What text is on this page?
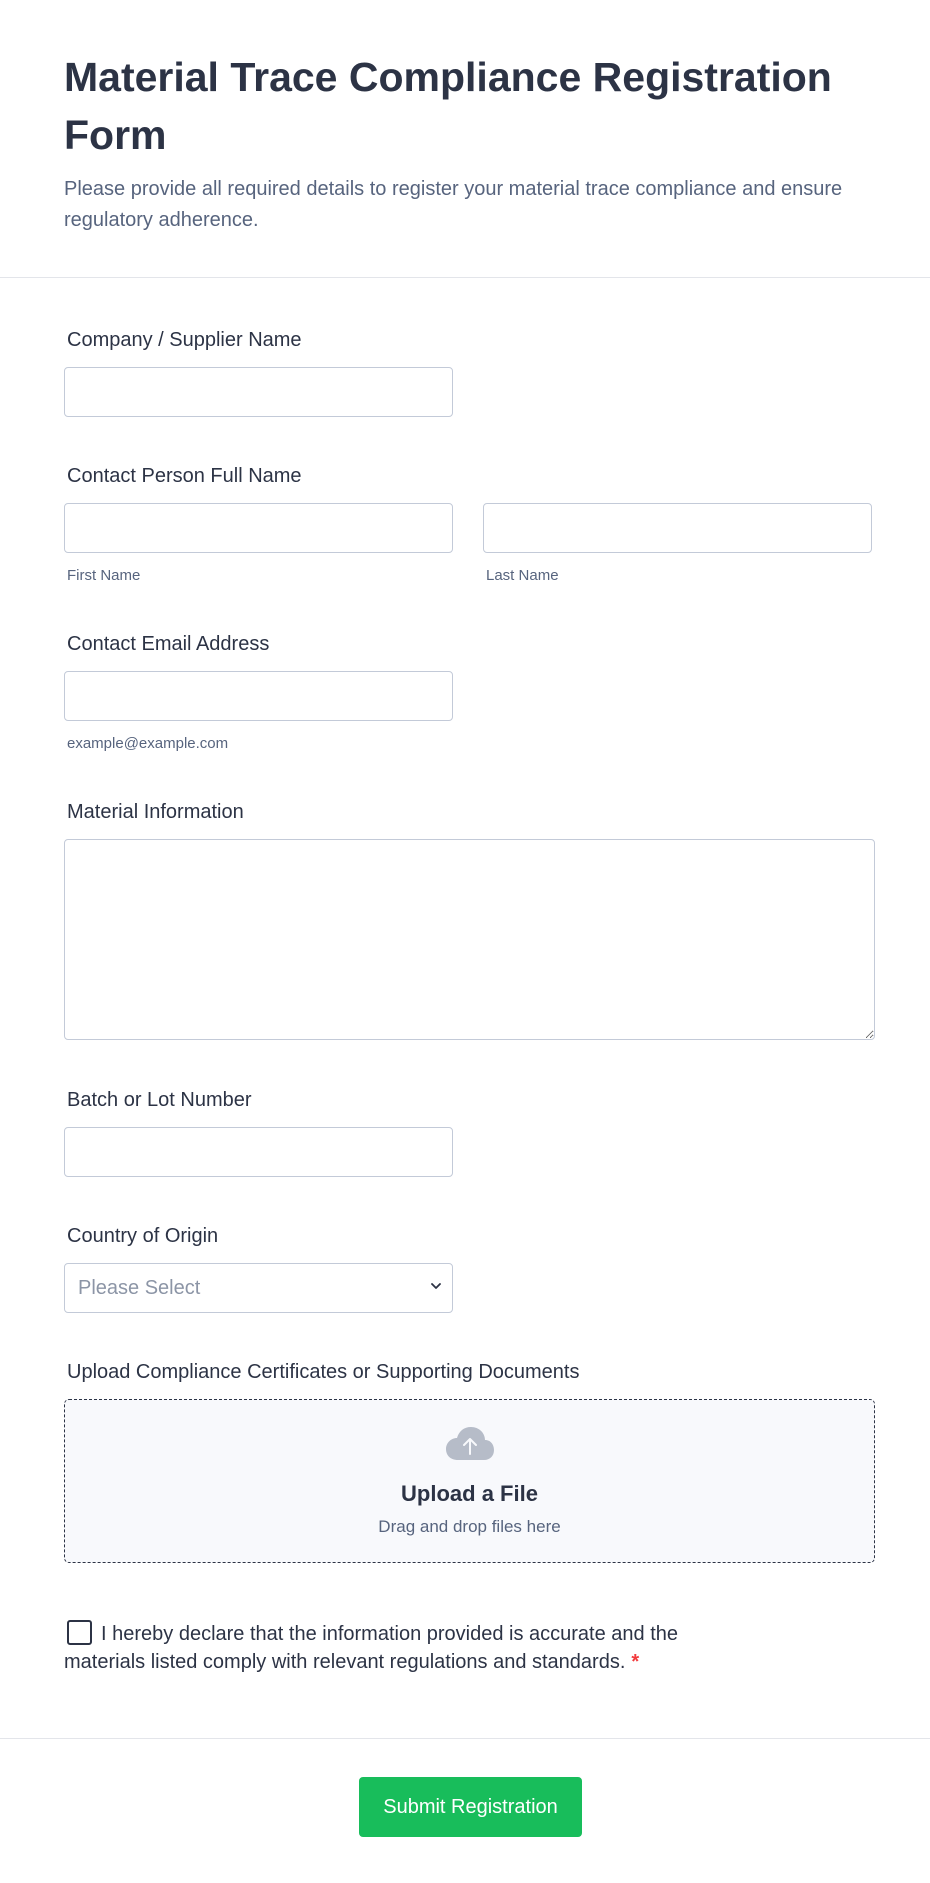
Material Trace Compliance Registration Form

Please provide all required details to register your material trace compliance and ensure regulatory adherence.

Company / Supplier Name
Contact Person Full Name
First Name	Last Name
Contact Email Address
example@example.com
Material Information
Batch or Lot Number
Country of Origin
Please Select
Upload Compliance Certificates or Supporting Documents
Upload a File
Drag and drop files here
I hereby declare that the information provided is accurate and the materials listed comply with relevant regulations and standards. *
Submit Registration
